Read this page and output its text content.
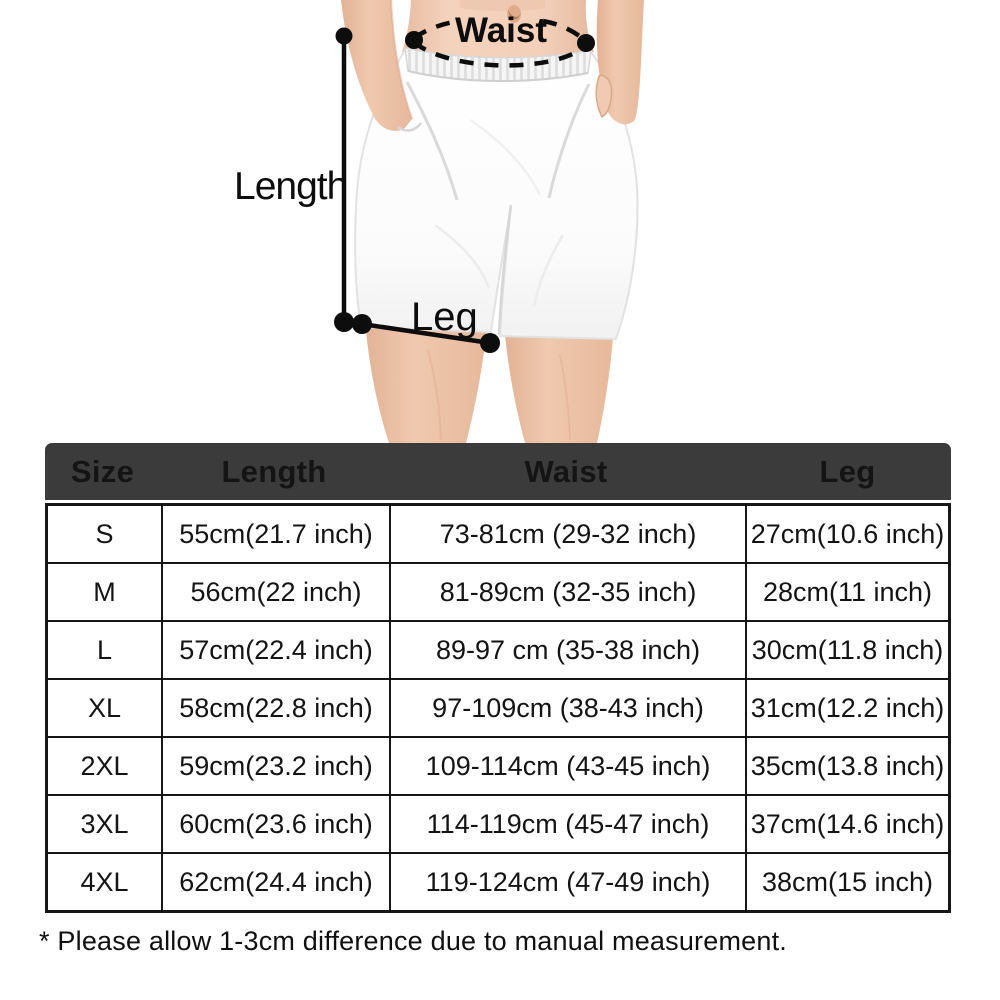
Waist
Length
Leg
Size	Length	Waist	Leg
S	55cm(21.7 inch)	73-81cm (29-32 inch)	27cm(10.6 inch)
M	56cm(22 inch)	81-89cm (32-35 inch)	28cm(11 inch)
L	57cm(22.4 inch)	89-97 cm (35-38 inch)	30cm(11.8 inch)
XL	58cm(22.8 inch)	97-109cm (38-43 inch)	31cm(12.2 inch)
2XL	59cm(23.2 inch)	109-114cm (43-45 inch)	35cm(13.8 inch)
3XL	60cm(23.6 inch)	114-119cm (45-47 inch)	37cm(14.6 inch)
4XL	62cm(24.4 inch)	119-124cm (47-49 inch)	38cm(15 inch)
* Please allow 1-3cm difference due to manual measurement.
